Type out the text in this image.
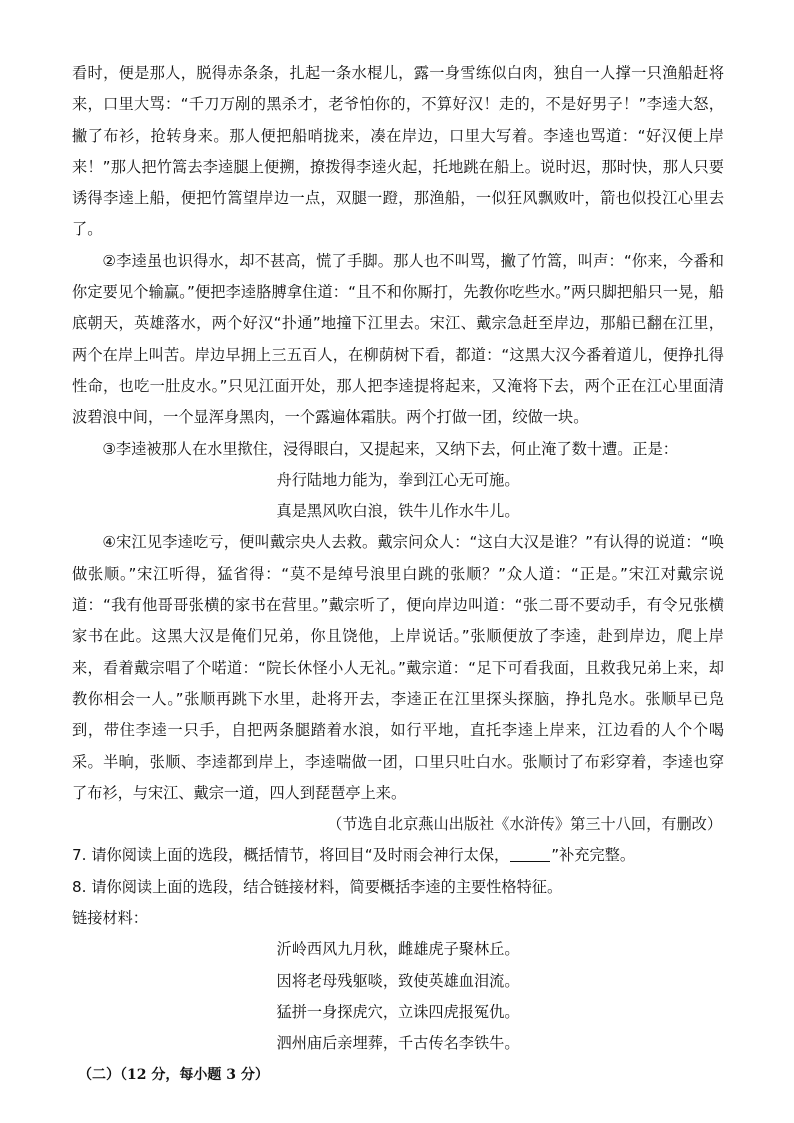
看时，便是那人，脱得赤条条，扎起一条水棍儿，露一身雪练似白肉，独自一人撑一只渔船赶将来，口里大骂：“千刀万剐的黑杀才，老爷怕你的，不算好汉！走的，不是好男子！”李逵大怒，撇了布衫，抢转身来。那人便把船哨拢来，凑在岸边，口里大写着。李逵也骂道：“好汉便上岸来！”那人把竹篙去李逵腿上便搠，撩拨得李逵火起，托地跳在船上。说时迟，那时快，那人只要诱得李逵上船，便把竹篙望岸边一点，双腿一蹬，那渔船，一似狂风飘败叶，箭也似投江心里去了。

②李逵虽也识得水，却不甚高，慌了手脚。那人也不叫骂，撇了竹篙，叫声：“你来，今番和你定要见个输赢。”便把李逵胳膊拿住道：“且不和你厮打，先教你吃些水。”两只脚把船只一晃，船底朝天，英雄落水，两个好汉“扑通”地撞下江里去。宋江、戴宗急赶至岸边，那船已翻在江里，两个在岸上叫苦。岸边早拥上三五百人，在柳荫树下看，都道：“这黑大汉今番着道儿，便挣扎得性命，也吃一肚皮水。”只见江面开处，那人把李逵提将起来，又淹将下去，两个正在江心里面清波碧浪中间，一个显浑身黑肉，一个露遍体霜肤。两个打做一团，绞做一块。

③李逵被那人在水里揿住，浸得眼白，又提起来，又纳下去，何止淹了数十遭。正是：

舟行陆地力能为，拳到江心无可施。

真是黑风吹白浪，铁牛儿作水牛儿。

④宋江见李逵吃亏，便叫戴宗央人去救。戴宗问众人：“这白大汉是谁？”有认得的说道：“唤做张顺。”宋江听得，猛省得：“莫不是绰号浪里白跳的张顺？”众人道：“正是。”宋江对戴宗说道：“我有他哥哥张横的家书在营里。”戴宗听了，便向岸边叫道：“张二哥不要动手，有令兄张横家书在此。这黑大汉是俺们兄弟，你且饶他，上岸说话。”张顺便放了李逵，赴到岸边，爬上岸来，看着戴宗唱了个喏道：“院长休怪小人无礼。”戴宗道：“足下可看我面，且救我兄弟上来，却教你相会一人。”张顺再跳下水里，赴将开去，李逵正在江里探头探脑，挣扎凫水。张顺早已凫到，带住李逵一只手，自把两条腿踏着水浪，如行平地，直托李逵上岸来，江边看的人个个喝采。半晌，张顺、李逵都到岸上，李逵喘做一团，口里只吐白水。张顺讨了布彩穿着，李逵也穿了布衫，与宋江、戴宗一道，四人到琵琶亭上来。

（节选自北京燕山出版社《水浒传》第三十八回，有删改）

7. 请你阅读上面的选段，概括情节，将回目“及时雨会神行太保，	”补充完整。

8. 请你阅读上面的选段，结合链接材料，简要概括李逵的主要性格特征。

链接材料：

沂岭西风九月秋，雌雄虎子聚林丘。

因将老母残躯啖，致使英雄血泪流。

猛拼一身探虎穴，立诛四虎报冤仇。

泗州庙后亲埋葬，千古传名李铁牛。

（二）（12 分，每小题 3 分）
